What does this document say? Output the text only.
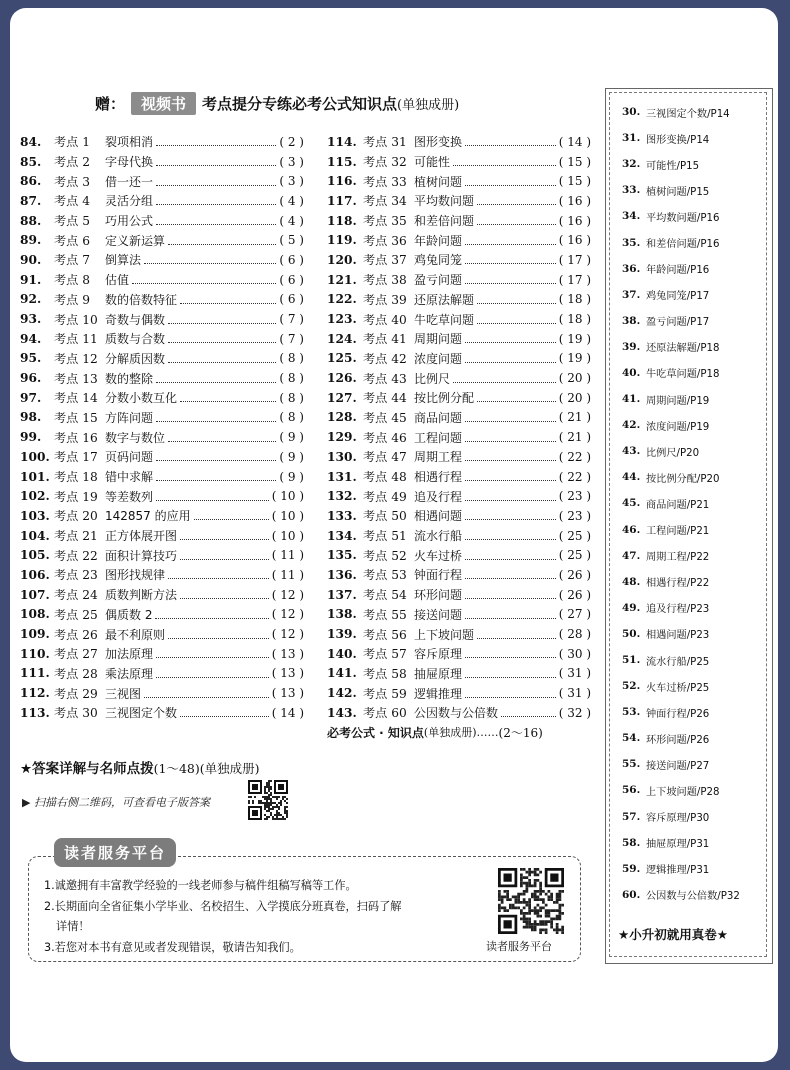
赠：	视频书	考点提分专练必考公式知识点 (单独成册)
84.	考点 1	裂项相消	( 2 )
85.	考点 2	字母代换	( 3 )
86.	考点 3	借一还一	( 3 )
87.	考点 4	灵活分组	( 4 )
88.	考点 5	巧用公式	( 4 )
89.	考点 6	定义新运算	( 5 )
90.	考点 7	倒算法	( 6 )
91.	考点 8	估值	( 6 )
92.	考点 9	数的倍数特征	( 6 )
93.	考点 10 奇数与偶数	( 7 )
94.	考点 11 质数与合数	( 7 )
95.	考点 12 分解质因数	( 8 )
96.	考点 13 数的整除	( 8 )
97.	考点 14 分数小数互化	( 8 )
98.	考点 15 方阵问题	( 8 )
99.	考点 16 数字与数位	( 9 )
100. 考点 17 页码问题	( 9 )
101. 考点 18 错中求解	( 9 )
102. 考点 19 等差数列	( 10 )
103. 考点 20 142857 的应用	( 10 )
104. 考点 21 正方体展开图	( 10 )
105. 考点 22 面积计算技巧	( 11 )
106. 考点 23 图形找规律	( 11 )
107. 考点 24 质数判断方法	( 12 )
108. 考点 25 偶质数 2	( 12 )
109. 考点 26 最不利原则	( 12 )
110. 考点 27 加法原理	( 13 )
111. 考点 28 乘法原理	( 13 )
112. 考点 29 三视图	( 13 )
113. 考点 30 三视图定个数	( 14 )
114. 考点 31 图形变换	( 14 )
115. 考点 32 可能性	( 15 )
116. 考点 33 植树问题	( 15 )
117. 考点 34 平均数问题	( 16 )
118. 考点 35 和差倍问题	( 16 )
119. 考点 36 年龄问题	( 16 )
120. 考点 37 鸡兔同笼	( 17 )
121. 考点 38 盈亏问题	( 17 )
122. 考点 39 还原法解题	( 18 )
123. 考点 40 牛吃草问题	( 18 )
124. 考点 41 周期问题	( 19 )
125. 考点 42 浓度问题	( 19 )
126. 考点 43 比例尺	( 20 )
127. 考点 44 按比例分配	( 20 )
128. 考点 45 商品问题	( 21 )
129. 考点 46 工程问题	( 21 )
130. 考点 47 周期工程	( 22 )
131. 考点 48 相遇行程	( 22 )
132. 考点 49 追及行程	( 23 )
133. 考点 50 相遇问题	( 23 )
134. 考点 51 流水行船	( 25 )
135. 考点 52 火车过桥	( 25 )
136. 考点 53 钟面行程	( 26 )
137. 考点 54 环形问题	( 26 )
138. 考点 55 接送问题	( 27 )
139. 考点 56 上下坡问题	( 28 )
140. 考点 57 容斥原理	( 30 )
141. 考点 58 抽屉原理	( 31 )
142. 考点 59 逻辑推理	( 31 )
143. 考点 60 公因数与公倍数	( 32 )
必考公式 · 知识点 (单独成册) …… (2～16)
★答案详解与名师点拨(1～48)(单独成册)
▶ 扫描右侧二维码，可查看电子版答案
读者服务平台
1.诚邀拥有丰富教学经验的一线老师参与稿件组稿写稿等工作。
2.长期面向全省征集小学毕业、名校招生、入学摸底分班真卷，扫码了解
详情！
3.若您对本书有意见或者发现错误，敬请告知我们。	读者服务平台
30. 三视图定个数/P14
31. 图形变换/P14
32. 可能性/P15
33. 植树问题/P15
34. 平均数问题/P16
35. 和差倍问题/P16
36. 年龄问题/P16
37. 鸡兔同笼/P17
38. 盈亏问题/P17
39. 还原法解题/P18
40. 牛吃草问题/P18
41. 周期问题/P19
42. 浓度问题/P19
43. 比例尺/P20
44. 按比例分配/P20
45. 商品问题/P21
46. 工程问题/P21
47. 周期工程/P22
48. 相遇行程/P22
49. 追及行程/P23
50. 相遇问题/P23
51. 流水行船/P25
52. 火车过桥/P25
53. 钟面行程/P26
54. 环形问题/P26
55. 接送问题/P27
56. 上下坡问题/P28
57. 容斥原理/P30
58. 抽屉原理/P31
59. 逻辑推理/P31
60. 公因数与公倍数/P32
★小升初就用真卷★
